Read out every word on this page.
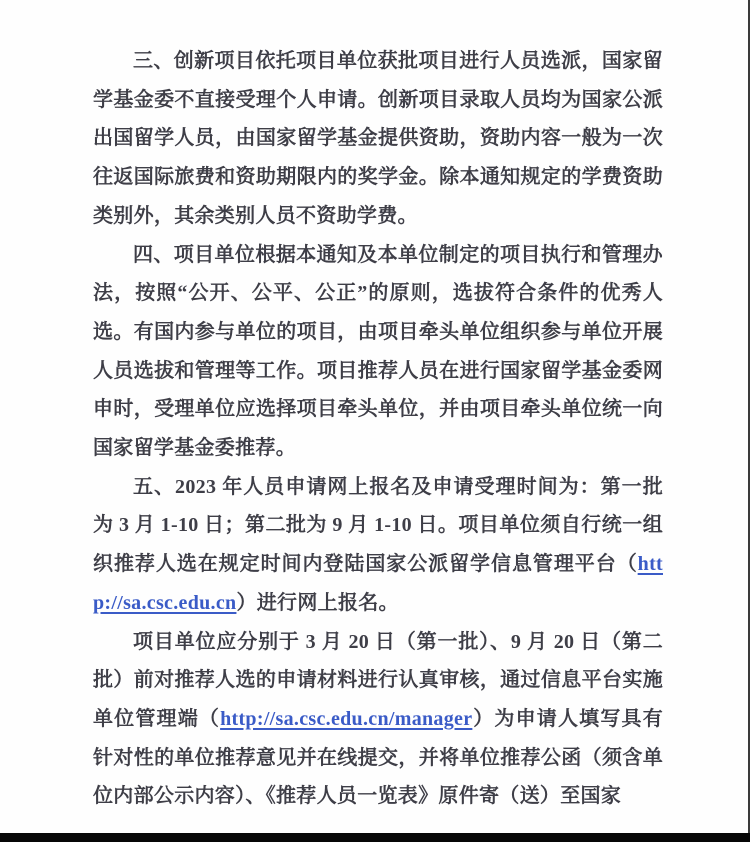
三、创新项目依托项目单位获批项目进行人员选派，国家留学基金委不直接受理个人申请。创新项目录取人员均为国家公派出国留学人员，由国家留学基金提供资助，资助内容一般为一次往返国际旅费和资助期限内的奖学金。除本通知规定的学费资助类别外，其余类别人员不资助学费。

四、项目单位根据本通知及本单位制定的项目执行和管理办法，按照“公开、公平、公正”的原则，选拔符合条件的优秀人选。有国内参与单位的项目，由项目牵头单位组织参与单位开展人员选拔和管理等工作。项目推荐人员在进行国家留学基金委网申时，受理单位应选择项目牵头单位，并由项目牵头单位统一向国家留学基金委推荐。

五、2023 年人员申请网上报名及申请受理时间为：第一批为 3 月 1-10 日；第二批为 9 月 1-10 日。项目单位须自行统一组织推荐人选在规定时间内登陆国家公派留学信息管理平台（http://sa.csc.edu.cn）进行网上报名。

项目单位应分别于 3 月 20 日（第一批）、9 月 20 日（第二批）前对推荐人选的申请材料进行认真审核，通过信息平台实施单位管理端（http://sa.csc.edu.cn/manager）为申请人填写具有针对性的单位推荐意见并在线提交，并将单位推荐公函（须含单位内部公示内容）、《推荐人员一览表》原件寄（送）至国家
